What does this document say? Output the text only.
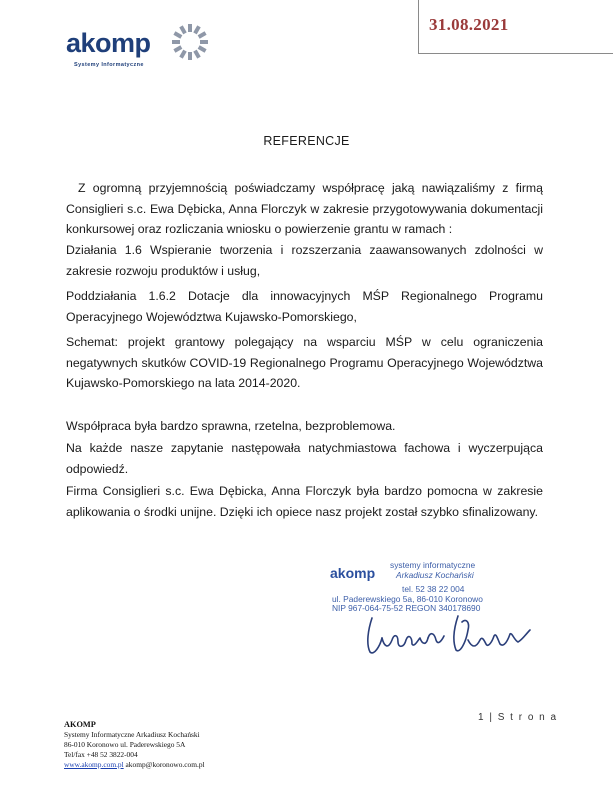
akomp
Systemy Informatyczne
31.08.2021
REFERENCJE

Z ogromną przyjemnością poświadczamy współpracę jaką nawiązaliśmy z firmą Consiglieri s.c. Ewa Dębicka, Anna Florczyk w zakresie przygotowywania dokumentacji konkursowej oraz rozliczania wniosku o powierzenie grantu w ramach :

Działania 1.6 Wspieranie tworzenia i rozszerzania zaawansowanych zdolności w zakresie rozwoju produktów i usług,

Poddziałania 1.6.2 Dotacje dla innowacyjnych MŚP Regionalnego Programu Operacyjnego Województwa Kujawsko-Pomorskiego,

Schemat: projekt grantowy polegający na wsparciu MŚP w celu ograniczenia negatywnych skutków COVID-19 Regionalnego Programu Operacyjnego Województwa Kujawsko-Pomorskiego na lata 2014-2020.

Współpraca była bardzo sprawna, rzetelna, bezproblemowa.

Na każde nasze zapytanie następowała natychmiastowa fachowa i wyczerpująca odpowiedź.

Firma Consiglieri s.c. Ewa Dębicka, Anna Florczyk była bardzo pomocna w zakresie aplikowania o środki unijne. Dzięki ich opiece nasz projekt został szybko sfinalizowany.

akomp systemy informatyczne
Arkadiusz Kochański
tel. 52 38 22 004
ul. Paderewskiego 5a, 86-010 Koronowo
NIP 967-064-75-52 REGON 340178690
1 | S t r o n a
AKOMP
Systemy Informatyczne Arkadiusz Kochański
86-010 Koronowo ul. Paderewskiego 5A
Tel/fax +48 52 3822-004
www.akomp.com.pl akomp@koronowo.com.pl
